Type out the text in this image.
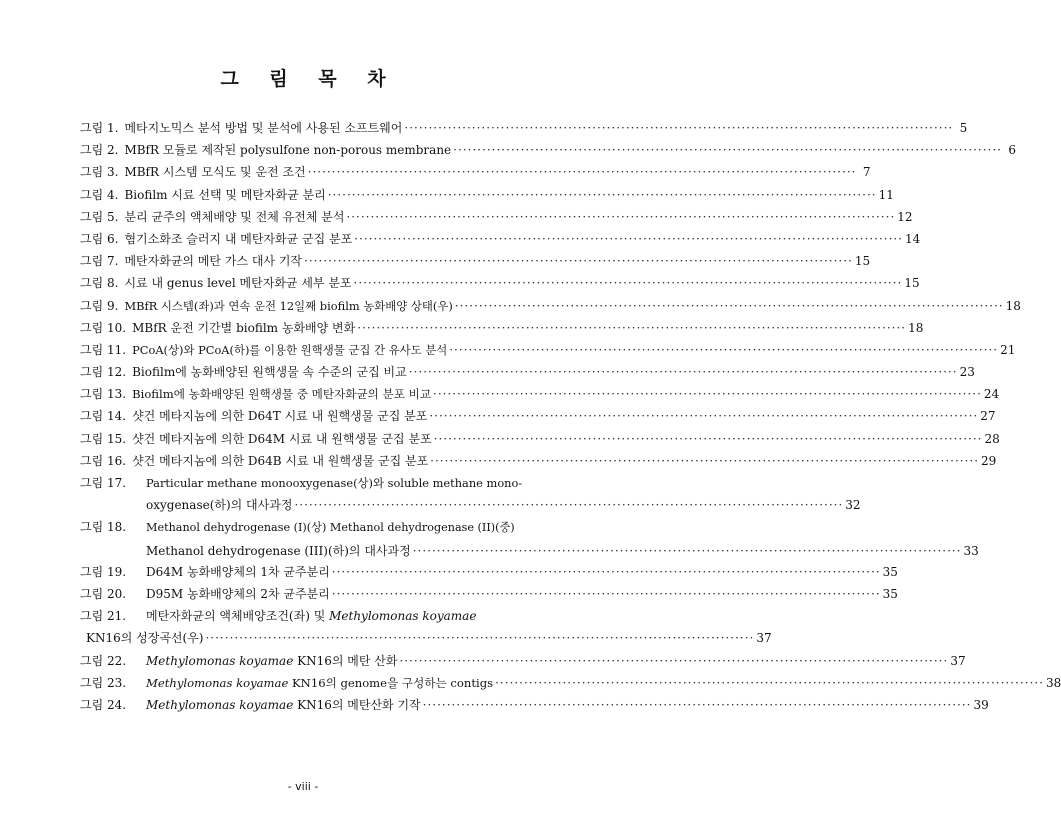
그 림 목 차
그림 1. 메타지노믹스 분석 방법 및 분석에 사용된 소프트웨어 ·····	5
그림 2. MBfR 모듈로 제작된 polysulfone non-porous membrane ·····	6
그림 3. MBfR 시스템 모식도 및 운전 조건 ·····	7
그림 4. Biofilm 시료 선택 및 메탄자화균 분리 ·····	11
그림 5. 분리 균주의 액체배양 및 전체 유전체 분석 ·····	12
그림 6. 혐기소화조 슬러지 내 메탄자화균 군집 분포 ·····	14
그림 7. 메탄자화균의 메탄 가스 대사 기작 ·····	15
그림 8. 시료 내 genus level 메탄자화균 세부 분포 ·····	15
그림 9. MBfR 시스템(좌)과 연속 운전 12일째 biofilm 농화배양 상태(우) ·····	18
그림 10. MBfR 운전 기간별 biofilm 농화배양 변화 ·····	18
그림 11. PCoA(상)와 PCoA(하)를 이용한 원핵생물 군집 간 유사도 분석 ·····	21
그림 12. Biofilm에 농화배양된 원핵생물 속 수준의 군집 비교 ·····	23
그림 13. Biofilm에 농화배양된 원핵생물 중 메탄자화균의 분포 비교 ·····	24
그림 14. 샷건 메타지놈에 의한 D64T 시료 내 원핵생물 군집 분포 ·····	27
그림 15. 샷건 메타지놈에 의한 D64M 시료 내 원핵생물 군집 분포 ·····	28
그림 16. 샷건 메타지놈에 의한 D64B 시료 내 원핵생물 군집 분포 ·····	29
그림 17.	Particular methane monooxygenase(상)와 soluble methane mono-
oxygenase(하)의 대사과정 ·····	32
그림 18.	Methanol dehydrogenase (I)(상) Methanol dehydrogenase (II)(중)
Methanol dehydrogenase (III)(하)의 대사과정 ·····	33
그림 19.	D64M 농화배양체의 1차 균주분리 ·····	35
그림 20.	D95M 농화배양체의 2차 균주분리 ·····	35
그림 21.	메탄자화균의 액체배양조건(좌) 및 Methylomonas koyamae
KN16의 성장곡선(우) ·····	37
그림 22.	Methylomonas koyamae KN16의 메탄 산화 ·····	37
그림 23.	Methylomonas koyamae KN16의 genome을 구성하는 contigs ·····	38
그림 24.	Methylomonas koyamae KN16의 메탄산화 기작 ·····	39
- viii -
